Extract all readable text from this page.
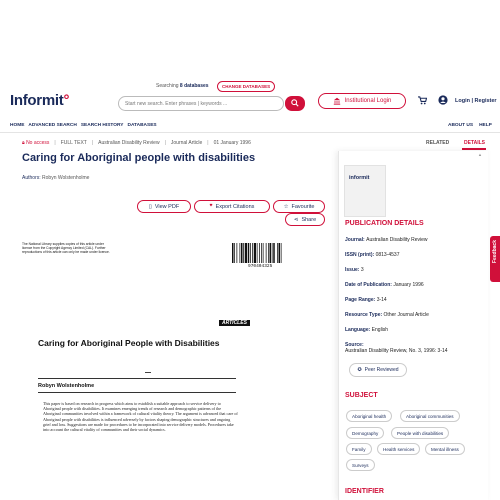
Searching 8 databases	CHANGE DATABASES
Informit°	Start new search. Enter phrases | keywords ...	Institutional Login	Login | Register
HOME ADVANCED SEARCH SEARCH HISTORY DATABASES	ABOUT US HELP
🔒︎ No access | FULL TEXT | Australian Disability Review | Journal Article | 01 January 1996	RELATED	DETAILS
Caring for Aboriginal people with disabilities
Authors: Robyn Wolstenholme
▯ View PDF	❞ Export Citations	☆ Favourite
⋖ Share
The National Library supplies copies of this article under licence from the Copyright Agency Limited (CAL). Further reproductions of this article can only be made under licence.
970404325
ARTICLES
Caring for Aboriginal People with Disabilities
Robyn Wolstenholme
This paper is based on research in progress which aims to establish a suitable approach to service delivery to Aboriginal people with disabilities. It examines emerging trends of research and demographic patterns of the Aboriginal communities involved within a framework of cultural vitality theory. The argument is advanced that care of Aboriginal people with disabilities is influenced adversely by factors shaping demographic structures and ongoing grief and loss. Suggestions are made for procedures to be incorporated into service delivery models. Procedures take into account the cultural vitality of communities and their social dynamics.
▲
informit
PUBLICATION DETAILS
Journal: Australian Disability Review
ISSN (print): 0813-4537
Issue: 3
Date of Publication: January 1996
Page Range: 3-14
Resource Type: Other Journal Article
Language: English
Source:
Australian Disability Review, No. 3, 1996: 3-14
✪ Peer Reviewed
SUBJECT
Aboriginal health	Aboriginal communities
Demography	People with disabilities
Family	Health services	Mental illness
Surveys
IDENTIFIER
Feedback
